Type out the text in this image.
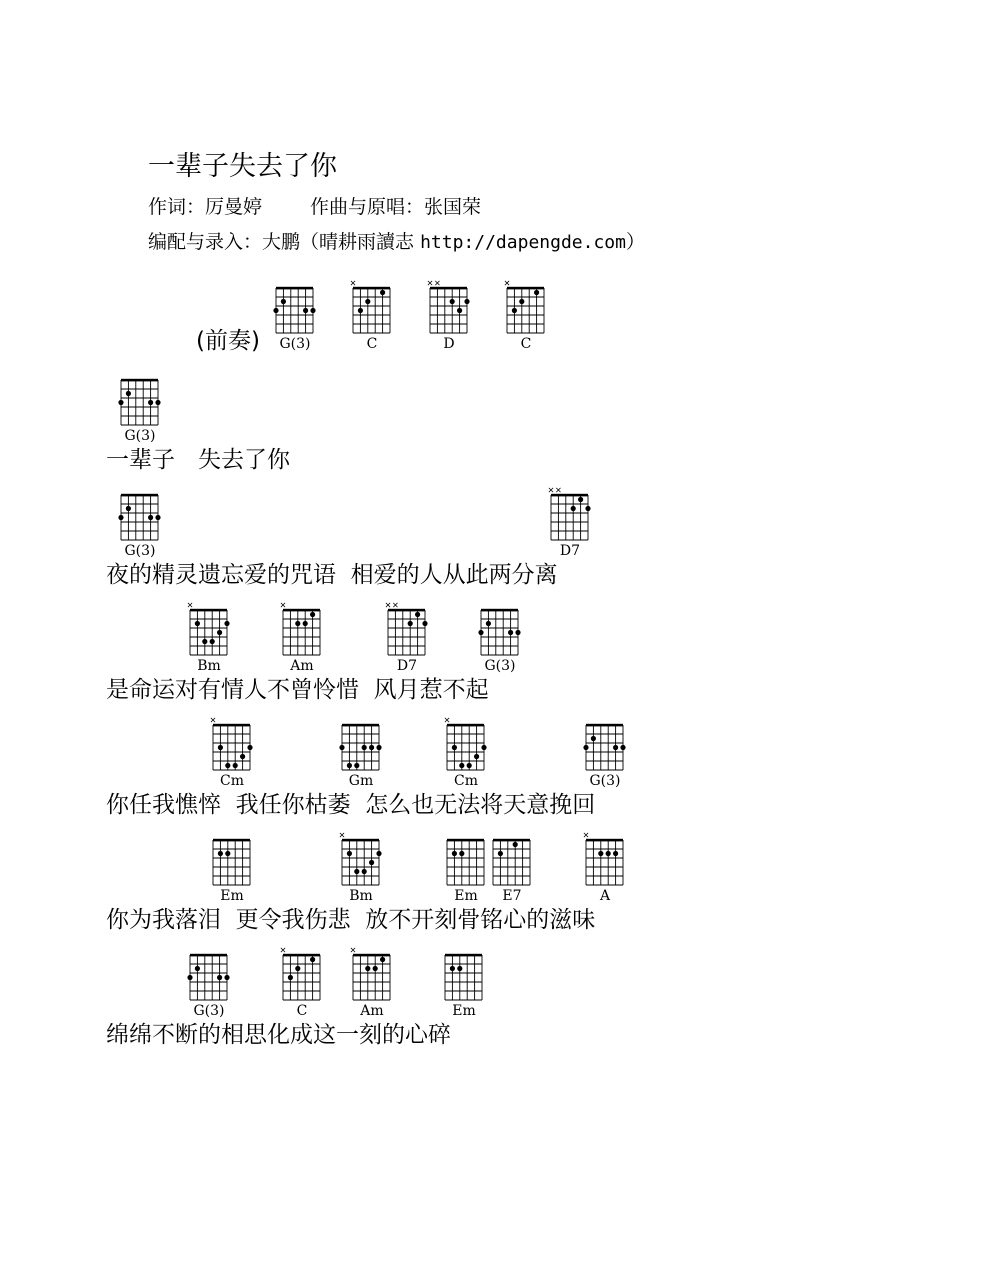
一辈子失去了你
作词：厉曼婷	作曲与原唱：张国荣
编配与录入：大鹏（晴耕雨讀志 http://dapengde.com）
(前奏)	G(3)	C	D	C
G(3)
一辈子　失去了你
G(3)	D7
夜的精灵遗忘爱的咒语  相爱的人从此两分离
Bm	Am	D7	G(3)
是命运对有情人不曾怜惜  风月惹不起
Cm	Gm	Cm	G(3)
你任我憔悴  我任你枯萎  怎么也无法将天意挽回
Em	Bm	Em	E7	A
你为我落泪  更令我伤悲  放不开刻骨铭心的滋味
G(3)	C	Am	Em
绵绵不断的相思化成这一刻的心碎
